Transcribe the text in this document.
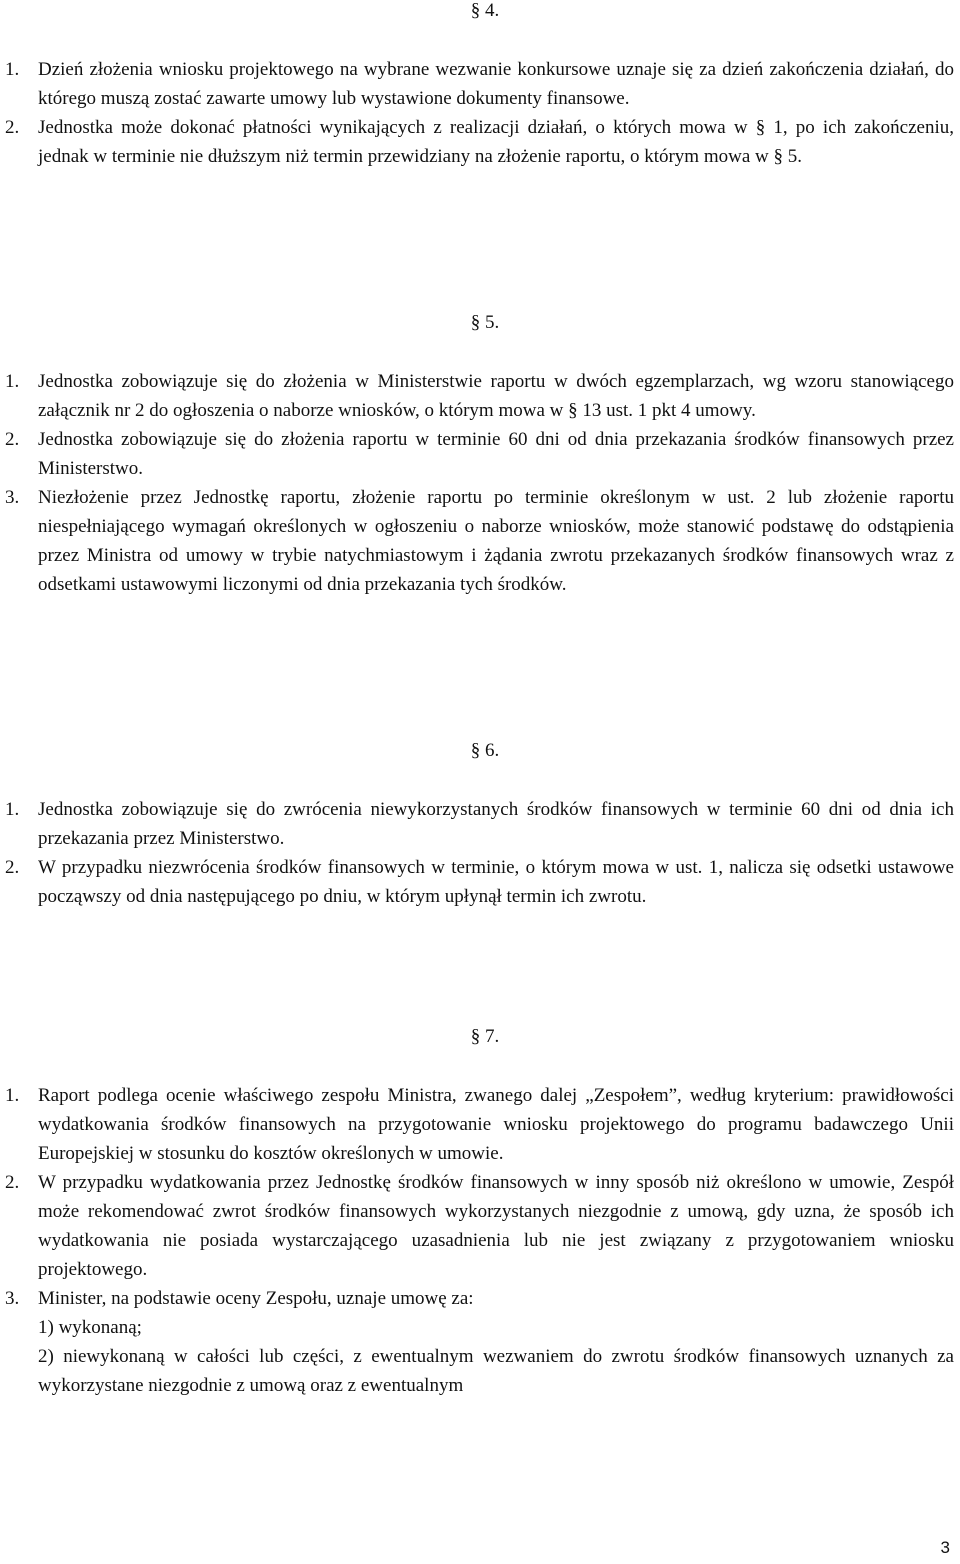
§ 4.
1. Dzień złożenia wniosku projektowego na wybrane wezwanie konkursowe uznaje się za dzień zakończenia działań, do którego muszą zostać zawarte umowy lub wystawione dokumenty finansowe.
2. Jednostka może dokonać płatności wynikających z realizacji działań, o których mowa w § 1, po ich zakończeniu, jednak w terminie nie dłuższym niż termin przewidziany na złożenie raportu, o którym mowa w § 5.
§ 5.
1. Jednostka zobowiązuje się do złożenia w Ministerstwie raportu w dwóch egzemplarzach, wg wzoru stanowiącego załącznik nr 2 do ogłoszenia o naborze wniosków, o którym mowa w § 13 ust. 1 pkt 4 umowy.
2. Jednostka zobowiązuje się do złożenia raportu w terminie 60 dni od dnia przekazania środków finansowych przez Ministerstwo.
3. Niezłożenie przez Jednostkę raportu, złożenie raportu po terminie określonym w ust. 2 lub złożenie raportu niespełniającego wymagań określonych w ogłoszeniu o naborze wniosków, może stanowić podstawę do odstąpienia przez Ministra od umowy w trybie natychmiastowym i żądania zwrotu przekazanych środków finansowych wraz z odsetkami ustawowymi liczonymi od dnia przekazania tych środków.
§ 6.
1. Jednostka zobowiązuje się do zwrócenia niewykorzystanych środków finansowych w terminie 60 dni od dnia ich przekazania przez Ministerstwo.
2. W przypadku niezwrócenia środków finansowych w terminie, o którym mowa w ust. 1, nalicza się odsetki ustawowe począwszy od dnia następującego po dniu, w którym upłynął termin ich zwrotu.
§ 7.
1. Raport podlega ocenie właściwego zespołu Ministra, zwanego dalej „Zespołem”, według kryterium: prawidłowości wydatkowania środków finansowych na przygotowanie wniosku projektowego do programu badawczego Unii Europejskiej w stosunku do kosztów określonych w umowie.
2. W przypadku wydatkowania przez Jednostkę środków finansowych w inny sposób niż określono w umowie, Zespół może rekomendować zwrot środków finansowych wykorzystanych niezgodnie z umową, gdy uzna, że sposób ich wydatkowania nie posiada wystarczającego uzasadnienia lub nie jest związany z przygotowaniem wniosku projektowego.
3. Minister, na podstawie oceny Zespołu, uznaje umowę za:
1) wykonaną;
2) niewykonaną w całości lub części, z ewentualnym wezwaniem do zwrotu środków finansowych uznanych za wykorzystane niezgodnie z umową oraz z ewentualnym
3
